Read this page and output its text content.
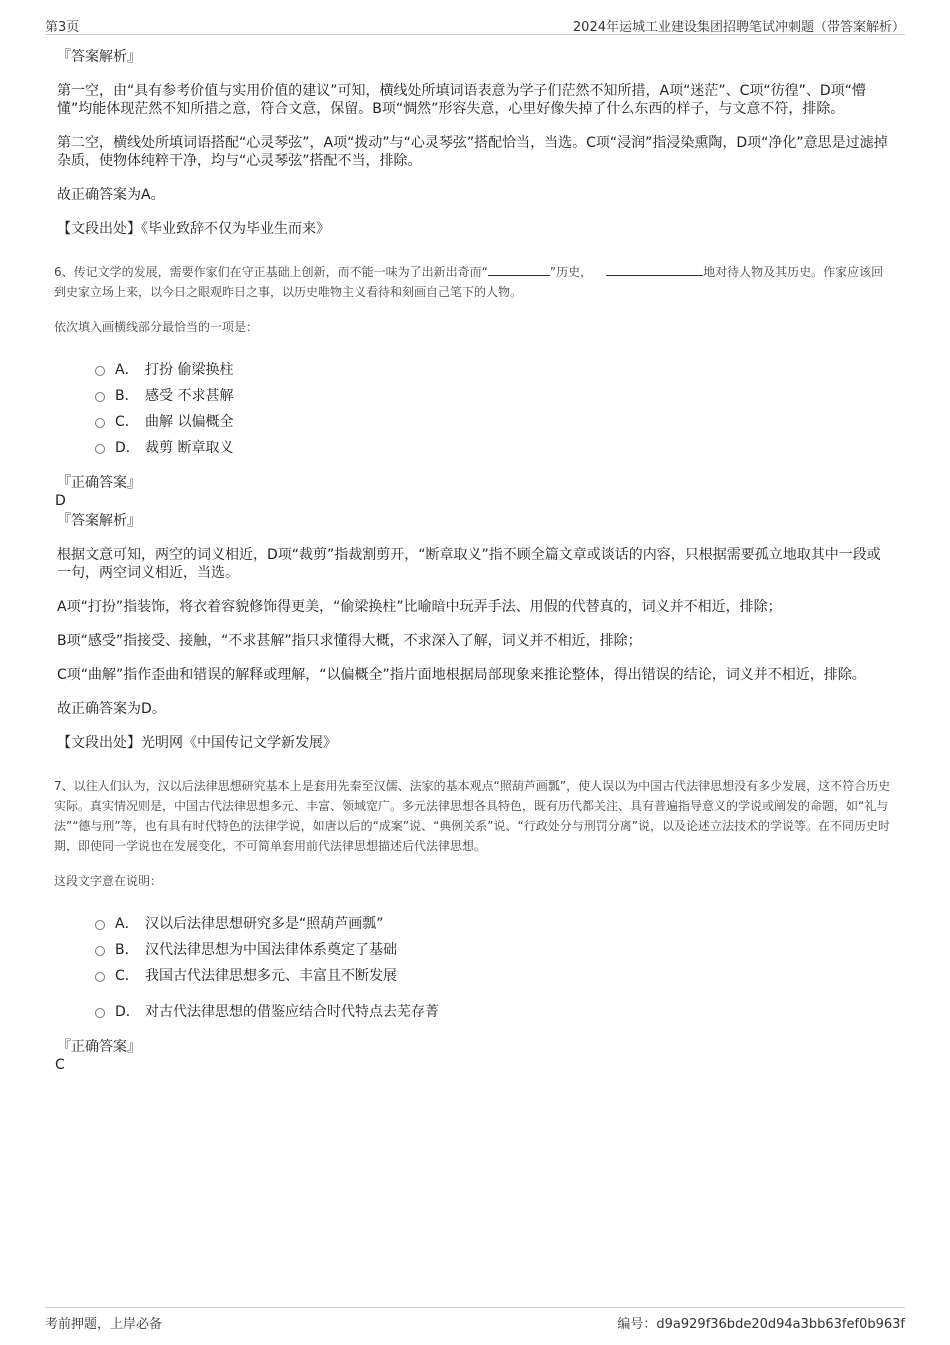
第3页	2024年运城工业建设集团招聘笔试冲刺题（带答案解析）

『答案解析』

第一空，由“具有参考价值与实用价值的建议”可知，横线处所填词语表意为学子们茫然不知所措，A项“迷茫”、C项“彷徨”、D项“懵懂”均能体现茫然不知所措之意，符合文意，保留。B项“惆然”形容失意，心里好像失掉了什么东西的样子，与文意不符，排除。

第二空，横线处所填词语搭配“心灵琴弦”，A项“拨动”与“心灵琴弦”搭配恰当，当选。C项“浸润”指浸染熏陶，D项“净化”意思是过滤掉杂质，使物体纯粹干净，均与“心灵琴弦”搭配不当，排除。

故正确答案为A。

【文段出处】《毕业致辞不仅为毕业生而来》

6、传记文学的发展，需要作家们在守正基础上创新，而不能一味为了出新出奇而“	”历史，	地对待人物及其历史。作家应该回到史家立场上来，以今日之眼观昨日之事，以历史唯物主义看待和刻画自己笔下的人物。

依次填入画横线部分最恰当的一项是：

A． 打扮 偷梁换柱
B． 感受 不求甚解
C． 曲解 以偏概全
D． 裁剪 断章取义

『正确答案』

D

『答案解析』

根据文意可知，两空的词义相近，D项“裁剪”指裁割剪开，“断章取义”指不顾全篇文章或谈话的内容，只根据需要孤立地取其中一段或一句，两空词义相近，当选。

A项“打扮”指装饰，将衣着容貌修饰得更美，“偷梁换柱”比喻暗中玩弄手法、用假的代替真的，词义并不相近，排除；

B项“感受”指接受、接触，“不求甚解”指只求懂得大概，不求深入了解，词义并不相近，排除；

C项“曲解”指作歪曲和错误的解释或理解，“以偏概全”指片面地根据局部现象来推论整体，得出错误的结论，词义并不相近，排除。

故正确答案为D。

【文段出处】光明网《中国传记文学新发展》

7、以往人们认为，汉以后法律思想研究基本上是套用先秦至汉儒、法家的基本观点“照葫芦画瓢”，使人误以为中国古代法律思想没有多少发展，这不符合历史实际。真实情况则是，中国古代法律思想多元、丰富、领域宽广。多元法律思想各具特色，既有历代都关注、具有普遍指导意义的学说或阐发的命题，如“礼与法”“德与刑”等，也有具有时代特色的法律学说，如唐以后的“成案”说、“典例关系”说、“行政处分与刑罚分离”说，以及论述立法技术的学说等。在不同历史时期，即使同一学说也在发展变化，不可简单套用前代法律思想描述后代法律思想。

这段文字意在说明：

A． 汉以后法律思想研究多是“照葫芦画瓢”
B． 汉代法律思想为中国法律体系奠定了基础
C． 我国古代法律思想多元、丰富且不断发展
D． 对古代法律思想的借鉴应结合时代特点去芜存菁

『正确答案』

C

考前押题，上岸必备	编号：d9a929f36bde20d94a3bb63fef0b963f
